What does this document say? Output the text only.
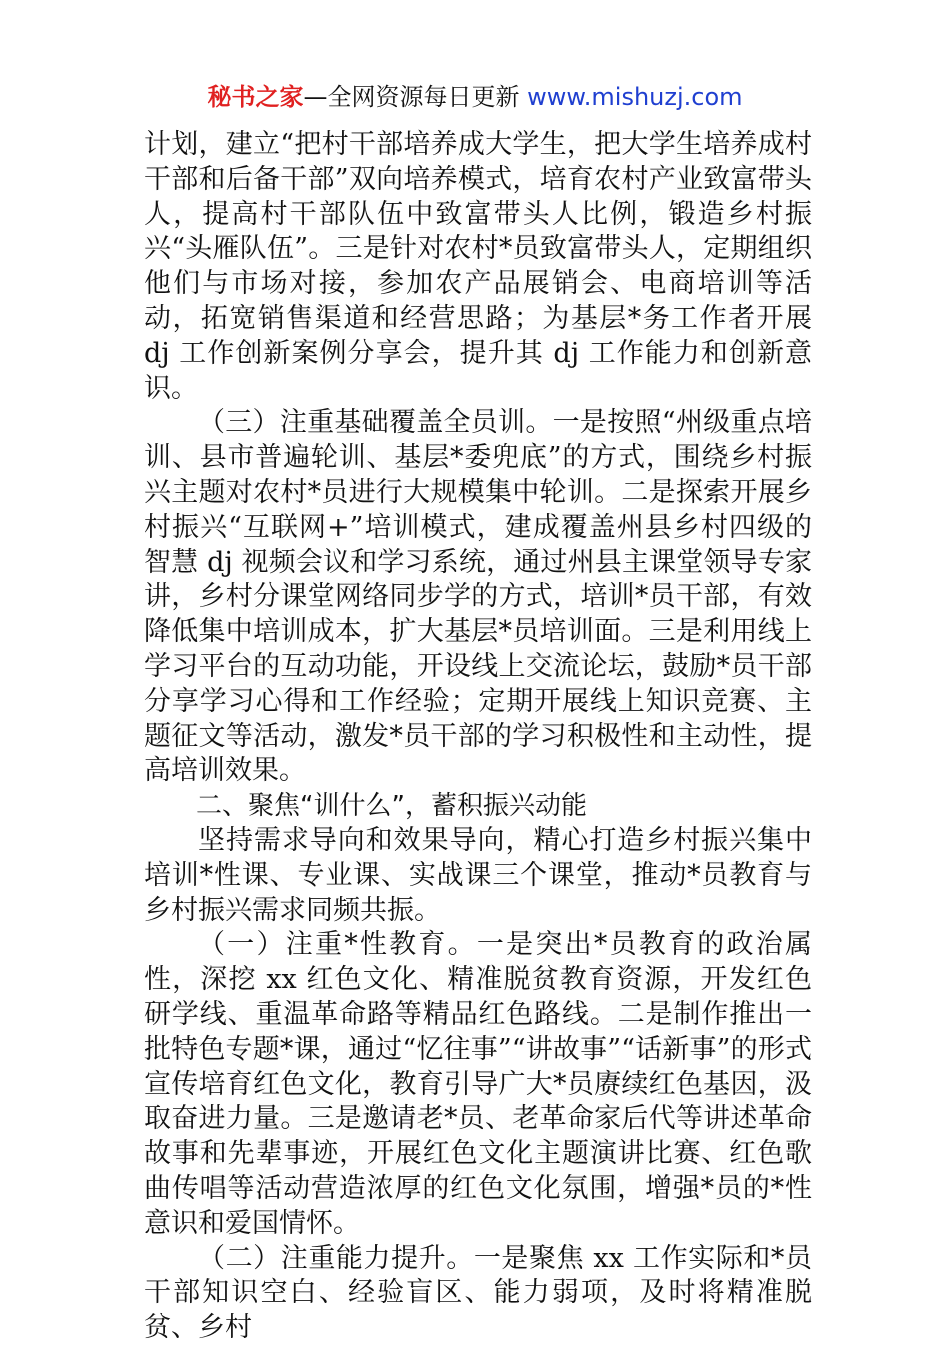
秘书之家—全网资源每日更新 www.mishuzj.com

计划，建立“把村干部培养成大学生，把大学生培养成村干部和后备干部”双向培养模式，培育农村产业致富带头人，提高村干部队伍中致富带头人比例，锻造乡村振兴“头雁队伍”。三是针对农村*员致富带头人，定期组织他们与市场对接，参加农产品展销会、电商培训等活动，拓宽销售渠道和经营思路；为基层*务工作者开展 dj 工作创新案例分享会，提升其 dj 工作能力和创新意识。

（三）注重基础覆盖全员训。一是按照“州级重点培训、县市普遍轮训、基层*委兜底”的方式，围绕乡村振兴主题对农村*员进行大规模集中轮训。二是探索开展乡村振兴“互联网+”培训模式，建成覆盖州县乡村四级的智慧 dj 视频会议和学习系统，通过州县主课堂领导专家讲，乡村分课堂网络同步学的方式，培训*员干部，有效降低集中培训成本，扩大基层*员培训面。三是利用线上学习平台的互动功能，开设线上交流论坛，鼓励*员干部分享学习心得和工作经验；定期开展线上知识竞赛、主题征文等活动，激发*员干部的学习积极性和主动性，提高培训效果。

二、聚焦“训什么”，蓄积振兴动能

坚持需求导向和效果导向，精心打造乡村振兴集中培训*性课、专业课、实战课三个课堂，推动*员教育与乡村振兴需求同频共振。

（一）注重*性教育。一是突出*员教育的政治属性，深挖 xx 红色文化、精准脱贫教育资源，开发红色研学线、重温革命路等精品红色路线。二是制作推出一批特色专题*课，通过“忆往事”“讲故事”“话新事”的形式宣传培育红色文化，教育引导广大*员赓续红色基因，汲取奋进力量。三是邀请老*员、老革命家后代等讲述革命故事和先辈事迹，开展红色文化主题演讲比赛、红色歌曲传唱等活动营造浓厚的红色文化氛围，增强*员的*性意识和爱国情怀。

（二）注重能力提升。一是聚焦 xx 工作实际和*员干部知识空白、经验盲区、能力弱项，及时将精准脱贫、乡村
